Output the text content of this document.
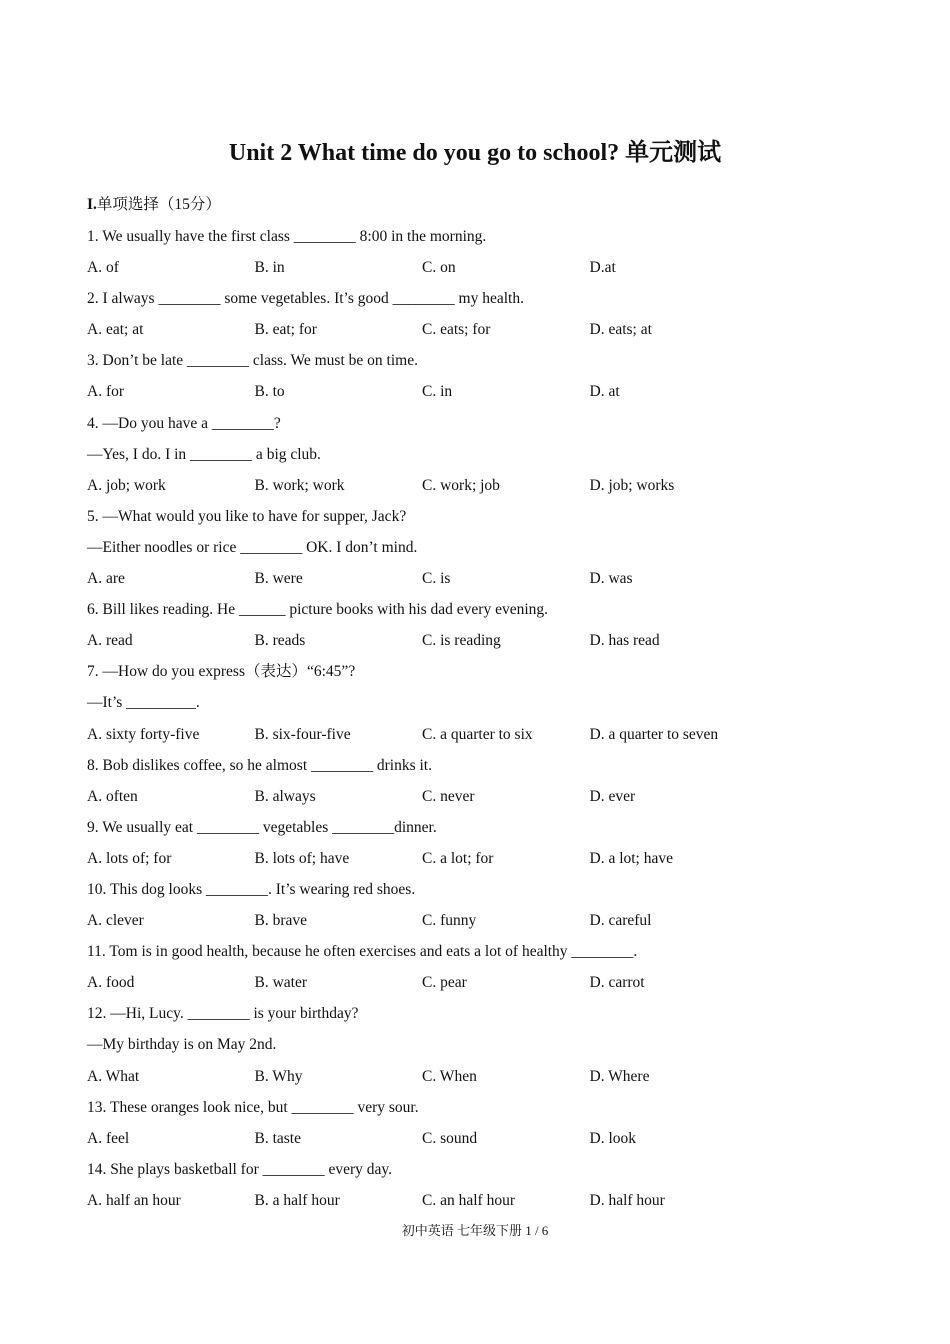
Unit 2 What time do you go to school? 单元测试
I.单项选择（15分）
1. We usually have the first class ________ 8:00 in the morning.
A. of	B. in	C. on	D.at
2. I always ________ some vegetables. It’s good ________ my health.
A. eat; at	B. eat; for	C. eats; for	D. eats; at
3. Don’t be late ________ class. We must be on time.
A. for	B. to	C. in	D. at
4. —Do you have a ________?
—Yes, I do. I in ________ a big club.
A. job; work	B. work; work	C. work; job	D. job; works
5. —What would you like to have for supper, Jack?
—Either noodles or rice ________ OK. I don’t mind.
A. are	B. were	C. is	D. was
6. Bill likes reading. He ______ picture books with his dad every evening.
A. read	B. reads	C. is reading	D. has read
7. —How do you express（表达）“6:45”?
—It’s _________.
A. sixty forty-five	B. six-four-five	C. a quarter to six	D. a quarter to seven
8. Bob dislikes coffee, so he almost ________ drinks it.
A. often	B. always	C. never	D. ever
9. We usually eat ________ vegetables ________dinner.
A. lots of; for	B. lots of; have	C. a lot; for	D. a lot; have
10. This dog looks ________. It’s wearing red shoes.
A. clever	B. brave	C. funny	D. careful
11. Tom is in good health, because he often exercises and eats a lot of healthy ________.
A. food	B. water	C. pear	D. carrot
12. —Hi, Lucy. ________ is your birthday?
—My birthday is on May 2nd.
A. What	B. Why	C. When	D. Where
13. These oranges look nice, but ________ very sour.
A. feel	B. taste	C. sound	D. look
14. She plays basketball for ________ every day.
A. half an hour	B. a half hour	C. an half hour	D. half hour
初中英语 七年级下册 1 / 6
